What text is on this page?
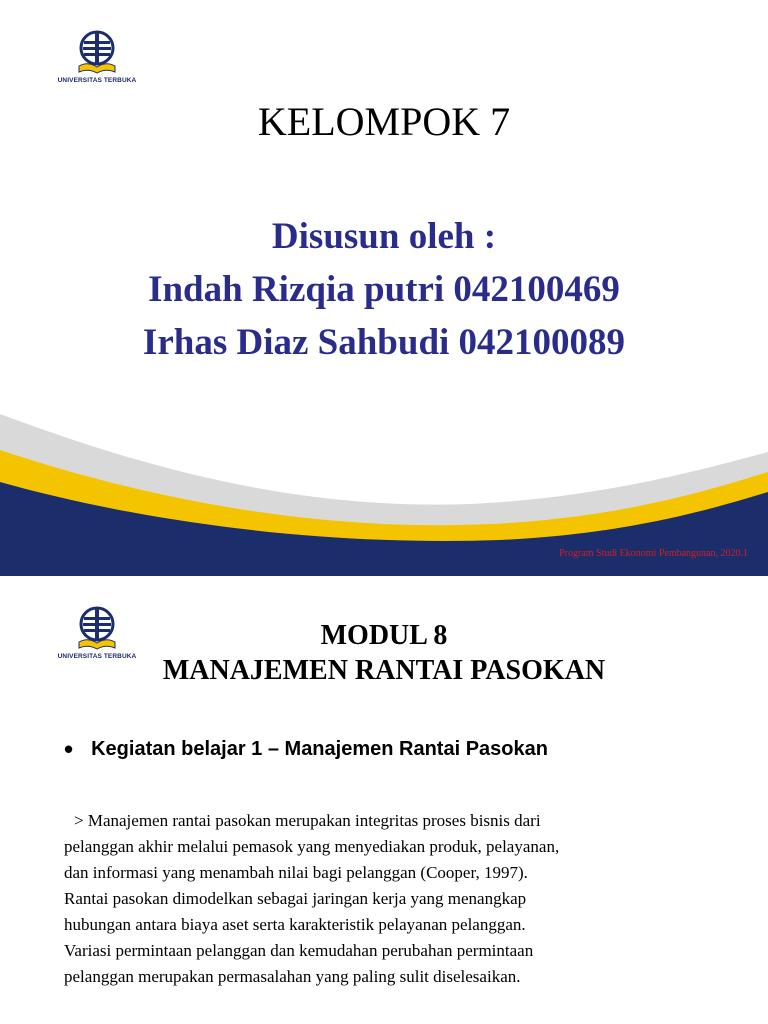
UNIVERSITAS TERBUKA
KELOMPOK 7
Disusun oleh :
Indah Rizqia putri 042100469
Irhas Diaz Sahbudi 042100089
Program Studi Ekonomi Pembangunan, 2020.1
UNIVERSITAS TERBUKA
MODUL 8
MANAJEMEN RANTAI PASOKAN
• Kegiatan belajar 1 – Manajemen Rantai Pasokan
> Manajemen rantai pasokan merupakan integritas proses bisnis dari
pelanggan akhir melalui pemasok yang menyediakan produk, pelayanan,
dan informasi yang menambah nilai bagi pelanggan (Cooper, 1997).
Rantai pasokan dimodelkan sebagai jaringan kerja yang menangkap
hubungan antara biaya aset serta karakteristik pelayanan pelanggan.
Variasi permintaan pelanggan dan kemudahan perubahan permintaan
pelanggan merupakan permasalahan yang paling sulit diselesaikan.
